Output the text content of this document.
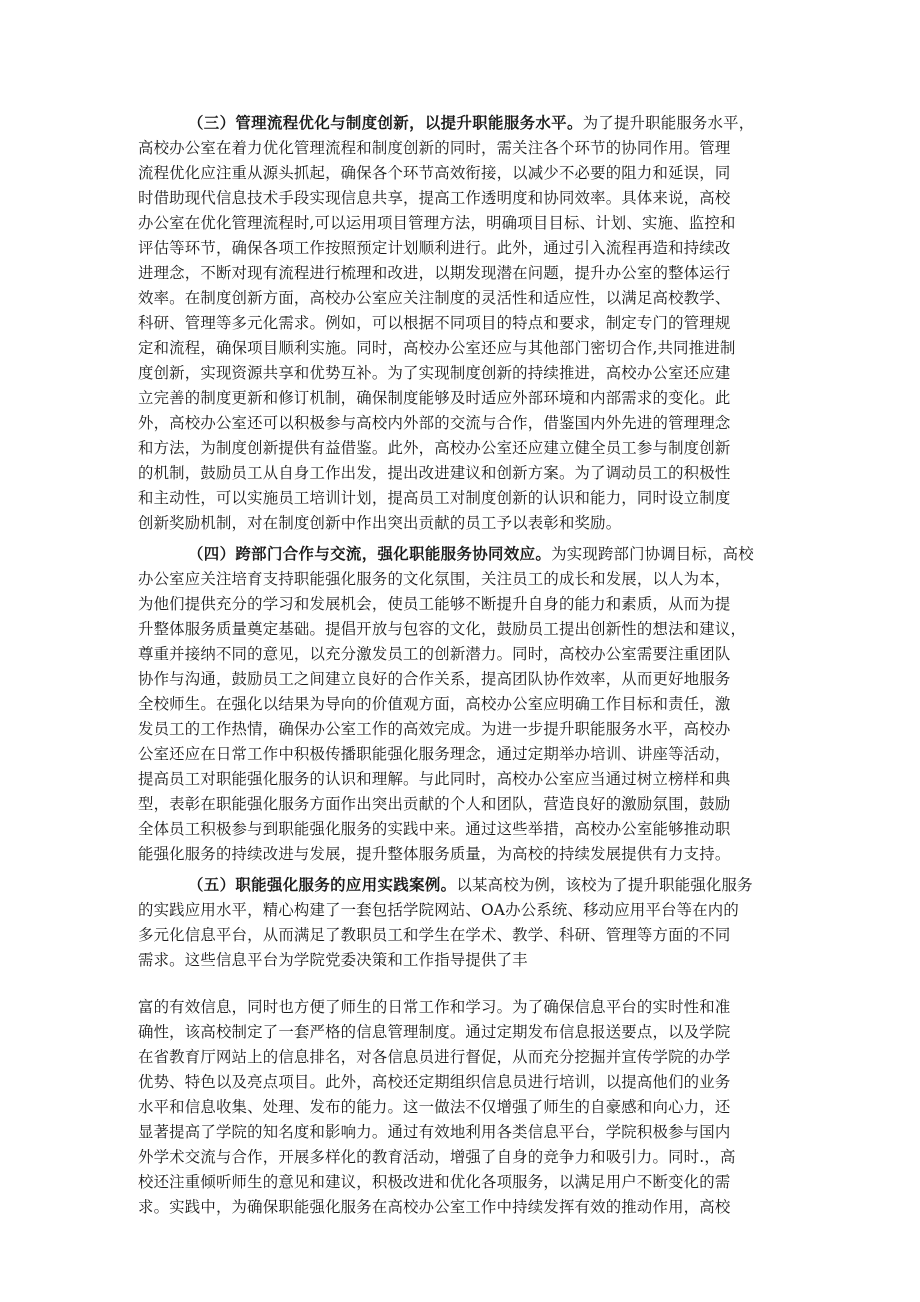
（三）管理流程优化与制度创新，以提升职能服务水平。为了提升职能服务水平，
高校办公室在着力优化管理流程和制度创新的同时，需关注各个环节的协同作用。管理
流程优化应注重从源头抓起，确保各个环节高效衔接，以减少不必要的阻力和延误，同
时借助现代信息技术手段实现信息共享，提高工作透明度和协同效率。具体来说，高校
办公室在优化管理流程时,可以运用项目管理方法，明确项目目标、计划、实施、监控和
评估等环节，确保各项工作按照预定计划顺利进行。此外，通过引入流程再造和持续改
进理念，不断对现有流程进行梳理和改进，以期发现潜在问题，提升办公室的整体运行
效率。在制度创新方面，高校办公室应关注制度的灵活性和适应性，以满足高校教学、
科研、管理等多元化需求。例如，可以根据不同项目的特点和要求，制定专门的管理规
定和流程，确保项目顺利实施。同时，高校办公室还应与其他部门密切合作,共同推进制
度创新，实现资源共享和优势互补。为了实现制度创新的持续推进，高校办公室还应建
立完善的制度更新和修订机制，确保制度能够及时适应外部环境和内部需求的变化。此
外，高校办公室还可以积极参与高校内外部的交流与合作，借鉴国内外先进的管理理念
和方法，为制度创新提供有益借鉴。此外，高校办公室还应建立健全员工参与制度创新
的机制，鼓励员工从自身工作出发，提出改进建议和创新方案。为了调动员工的积极性
和主动性，可以实施员工培训计划，提高员工对制度创新的认识和能力，同时设立制度
创新奖励机制，对在制度创新中作出突出贡献的员工予以表彰和奖励。
（四）跨部门合作与交流，强化职能服务协同效应。为实现跨部门协调目标，高校
办公室应关注培育支持职能强化服务的文化氛围，关注员工的成长和发展，以人为本，
为他们提供充分的学习和发展机会，使员工能够不断提升自身的能力和素质，从而为提
升整体服务质量奠定基础。提倡开放与包容的文化，鼓励员工提出创新性的想法和建议，
尊重并接纳不同的意见，以充分激发员工的创新潜力。同时，高校办公室需要注重团队
协作与沟通，鼓励员工之间建立良好的合作关系，提高团队协作效率，从而更好地服务
全校师生。在强化以结果为导向的价值观方面，高校办公室应明确工作目标和责任，激
发员工的工作热情，确保办公室工作的高效完成。为进一步提升职能服务水平，高校办
公室还应在日常工作中积极传播职能强化服务理念，通过定期举办培训、讲座等活动，
提高员工对职能强化服务的认识和理解。与此同时，高校办公室应当通过树立榜样和典
型，表彰在职能强化服务方面作出突出贡献的个人和团队，营造良好的激励氛围，鼓励
全体员工积极参与到职能强化服务的实践中来。通过这些举措，高校办公室能够推动职
能强化服务的持续改进与发展，提升整体服务质量，为高校的持续发展提供有力支持。
（五）职能强化服务的应用实践案例。以某高校为例，该校为了提升职能强化服务
的实践应用水平，精心构建了一套包括学院网站、OA办公系统、移动应用平台等在内的
多元化信息平台，从而满足了教职员工和学生在学术、教学、科研、管理等方面的不同
需求。这些信息平台为学院党委决策和工作指导提供了丰
富的有效信息，同时也方便了师生的日常工作和学习。为了确保信息平台的实时性和准
确性，该高校制定了一套严格的信息管理制度。通过定期发布信息报送要点，以及学院
在省教育厅网站上的信息排名，对各信息员进行督促，从而充分挖掘并宣传学院的办学
优势、特色以及亮点项目。此外，高校还定期组织信息员进行培训，以提高他们的业务
水平和信息收集、处理、发布的能力。这一做法不仅增强了师生的自豪感和向心力，还
显著提高了学院的知名度和影响力。通过有效地利用各类信息平台，学院积极参与国内
外学术交流与合作，开展多样化的教育活动，增强了自身的竞争力和吸引力。同时.，高
校还注重倾听师生的意见和建议，积极改进和优化各项服务，以满足用户不断变化的需
求。实践中，为确保职能强化服务在高校办公室工作中持续发挥有效的推动作用，高校
